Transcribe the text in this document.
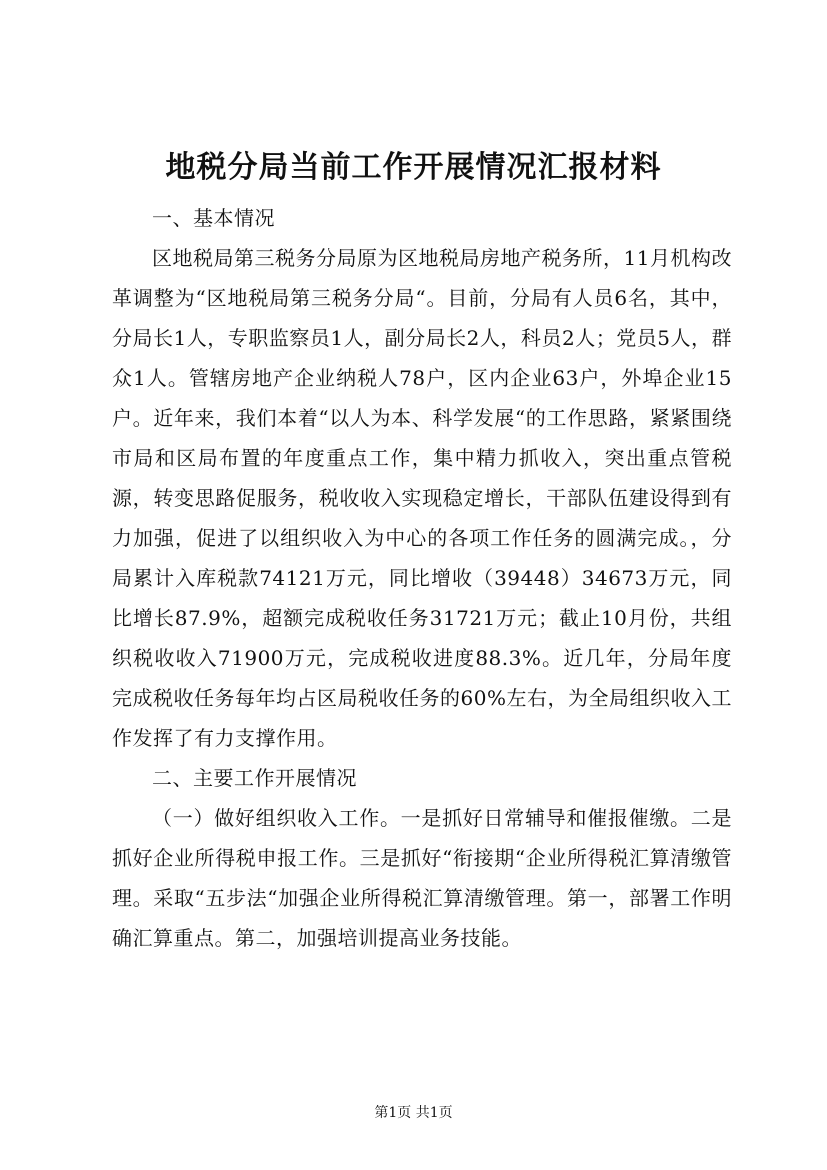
地税分局当前工作开展情况汇报材料

一、基本情况

区地税局第三税务分局原为区地税局房地产税务所，11月机构改革调整为“区地税局第三税务分局“。目前，分局有人员6名，其中，分局长1人，专职监察员1人，副分局长2人，科员2人；党员5人，群众1人。管辖房地产企业纳税人78户，区内企业63户，外埠企业15户。近年来，我们本着“以人为本、科学发展“的工作思路，紧紧围绕市局和区局布置的年度重点工作，集中精力抓收入，突出重点管税源，转变思路促服务，税收收入实现稳定增长，干部队伍建设得到有力加强，促进了以组织收入为中心的各项工作任务的圆满完成。，分局累计入库税款74121万元，同比增收（39448）34673万元，同比增长87.9%，超额完成税收任务31721万元；截止10月份，共组织税收收入71900万元，完成税收进度88.3%。近几年，分局年度完成税收任务每年均占区局税收任务的60%左右，为全局组织收入工作发挥了有力支撑作用。

二、主要工作开展情况

（一）做好组织收入工作。一是抓好日常辅导和催报催缴。二是抓好企业所得税申报工作。三是抓好“衔接期“企业所得税汇算清缴管理。采取“五步法“加强企业所得税汇算清缴管理。第一，部署工作明确汇算重点。第二，加强培训提高业务技能。

第1页 共1页
